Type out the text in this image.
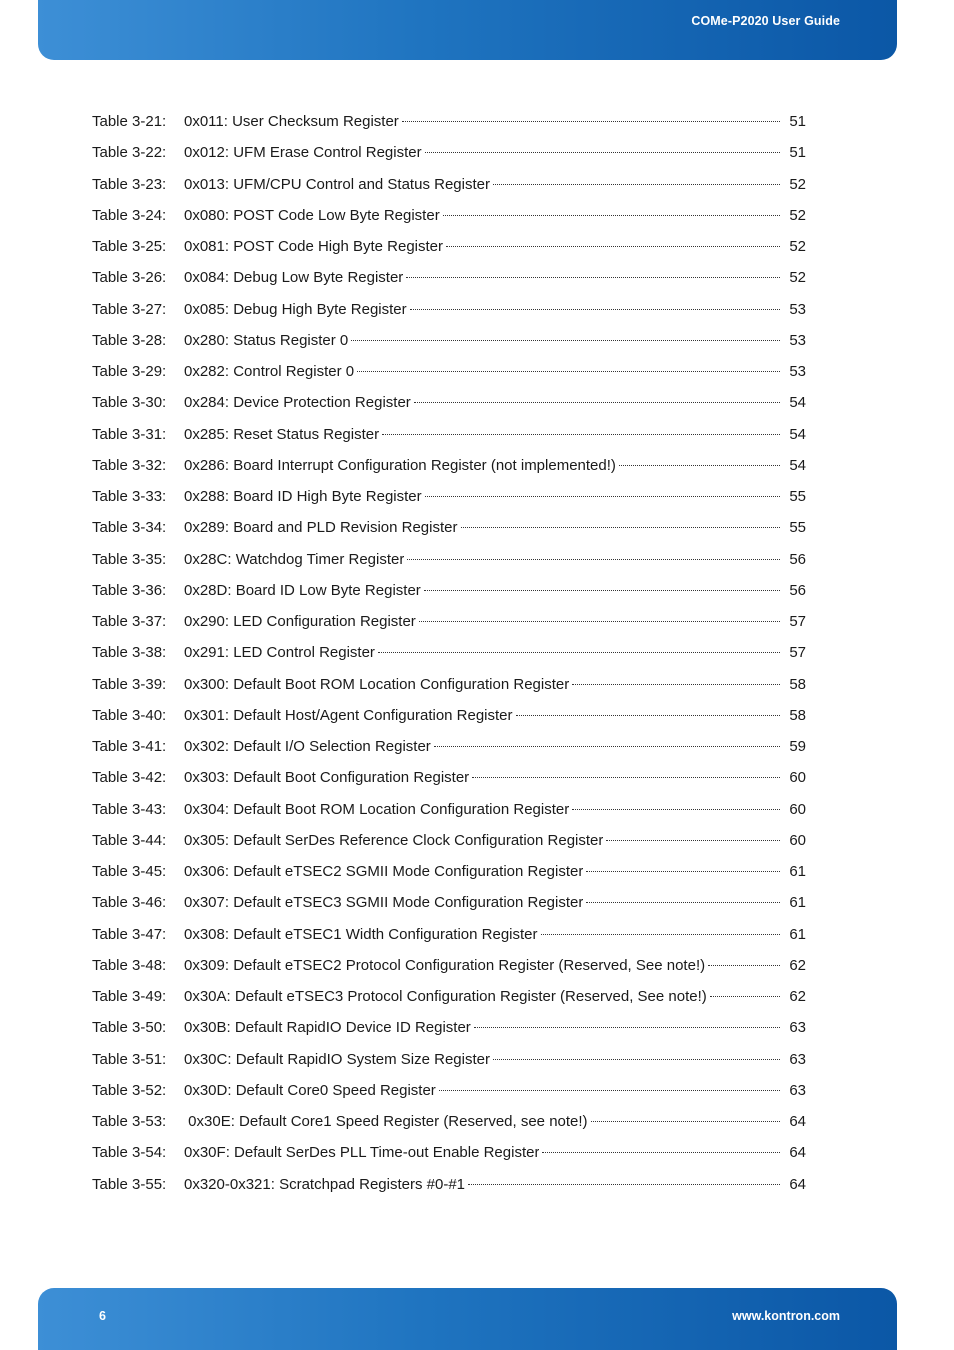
COMe-P2020 User Guide
Table 3-21:	0x011: User Checksum Register	51
Table 3-22:	0x012: UFM Erase Control Register	51
Table 3-23:	0x013: UFM/CPU Control and Status Register	52
Table 3-24:	0x080: POST Code Low Byte Register	52
Table 3-25:	0x081: POST Code High Byte Register	52
Table 3-26:	0x084: Debug Low Byte Register	52
Table 3-27:	0x085: Debug High Byte Register	53
Table 3-28:	0x280: Status Register 0	53
Table 3-29:	0x282: Control Register 0	53
Table 3-30:	0x284: Device Protection Register	54
Table 3-31:	0x285: Reset Status Register	54
Table 3-32:	0x286: Board Interrupt Configuration Register (not implemented!)	54
Table 3-33:	0x288: Board ID High Byte Register	55
Table 3-34:	0x289: Board and PLD Revision Register	55
Table 3-35:	0x28C: Watchdog Timer Register	56
Table 3-36:	0x28D: Board ID Low Byte Register	56
Table 3-37:	0x290: LED Configuration Register	57
Table 3-38:	0x291: LED Control Register	57
Table 3-39:	0x300: Default Boot ROM Location Configuration Register	58
Table 3-40:	0x301: Default Host/Agent Configuration Register	58
Table 3-41:	0x302: Default I/O Selection Register	59
Table 3-42:	0x303: Default Boot Configuration Register	60
Table 3-43:	0x304: Default Boot ROM Location Configuration Register	60
Table 3-44:	0x305: Default SerDes Reference Clock Configuration Register	60
Table 3-45:	0x306: Default eTSEC2 SGMII Mode Configuration Register	61
Table 3-46:	0x307: Default eTSEC3 SGMII Mode Configuration Register	61
Table 3-47:	0x308: Default eTSEC1 Width Configuration Register	61
Table 3-48:	0x309: Default eTSEC2 Protocol Configuration Register (Reserved, See note!)	62
Table 3-49:	0x30A: Default eTSEC3 Protocol Configuration Register (Reserved, See note!)	62
Table 3-50:	0x30B: Default RapidIO Device ID Register	63
Table 3-51:	0x30C: Default RapidIO System Size Register	63
Table 3-52:	0x30D: Default Core0 Speed Register	63
Table 3-53:	0x30E: Default Core1 Speed Register (Reserved, see note!)	64
Table 3-54:	0x30F: Default SerDes PLL Time-out Enable Register	64
Table 3-55:	0x320-0x321: Scratchpad Registers #0-#1	64
6	www.kontron.com
